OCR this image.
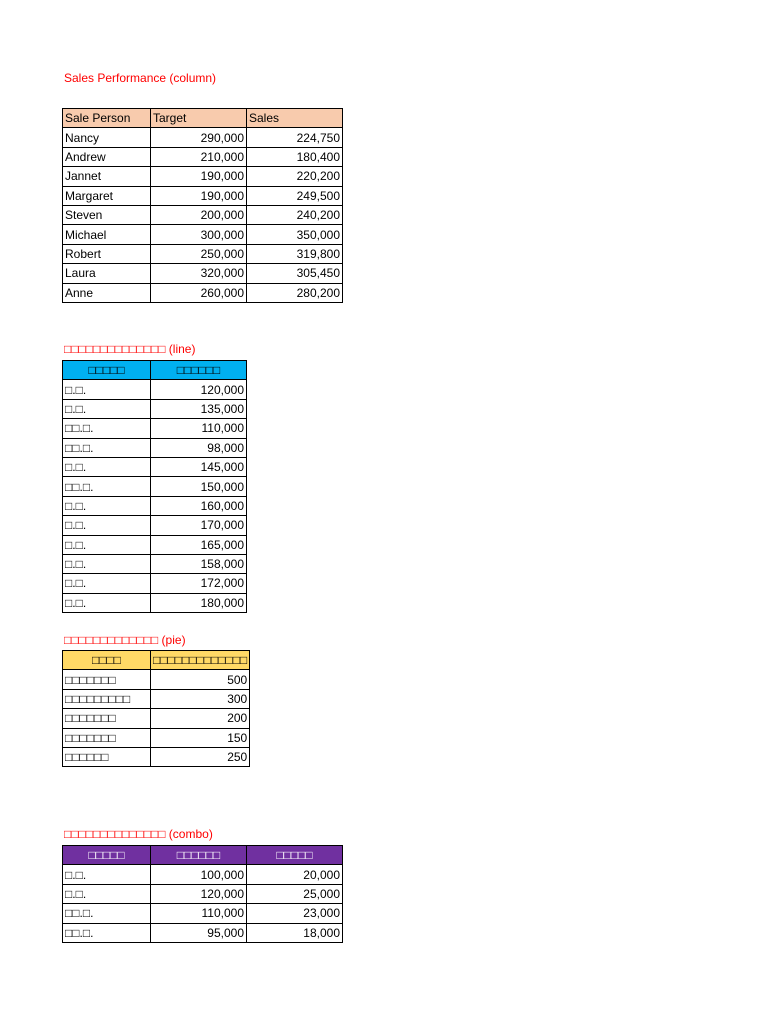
Sales Performance (column)
Sale Person	Target	Sales
Nancy	290,000	224,750
Andrew	210,000	180,400
Jannet	190,000	220,200
Margaret	190,000	249,500
Steven	200,000	240,200
Michael	300,000	350,000
Robert	250,000	319,800
Laura	320,000	305,450
Anne	260,000	280,200
□□□□□□□□□□□□□□ (line)
□□□□□	□□□□□□
□.□.	120,000
□.□.	135,000
□□.□.	110,000
□□.□.	98,000
□.□.	145,000
□□.□.	150,000
□.□.	160,000
□.□.	170,000
□.□.	165,000
□.□.	158,000
□.□.	172,000
□.□.	180,000
□□□□□□□□□□□□□ (pie)
□□□□	□□□□□□□□□□□□□
□□□□□□□	500
□□□□□□□□□	300
□□□□□□□	200
□□□□□□□	150
□□□□□□	250
□□□□□□□□□□□□□□ (combo)
□□□□□	□□□□□□	□□□□□
□.□.	100,000	20,000
□.□.	120,000	25,000
□□.□.	110,000	23,000
□□.□.	95,000	18,000
